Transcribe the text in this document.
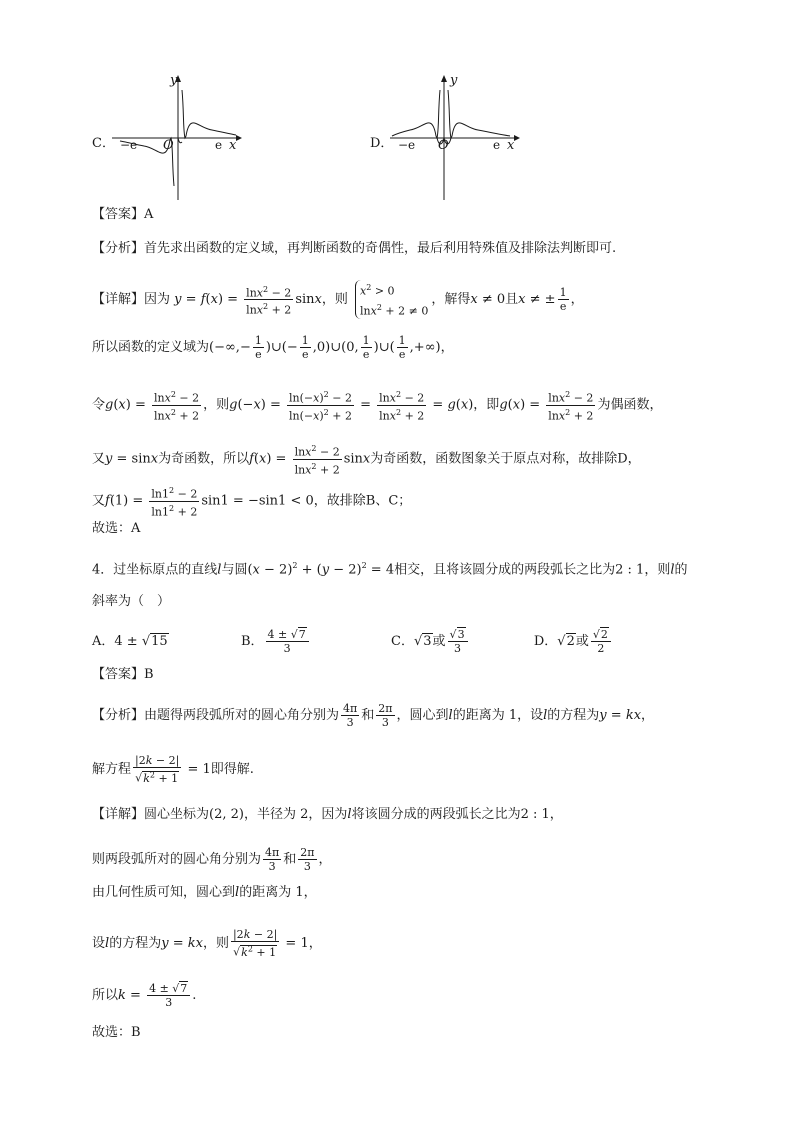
C． −e O	e x
y
D． −e O	e x
y
【答案】A
【分析】首先求出函数的定义域，再判断函数的奇偶性，最后利用特殊值及排除法判断即可.
【详解】因为 $y = f(x) = \frac{\ln x^2 - 2}{\ln x^2 + 2}$ sinx，则
$x^2 > 0$
lnx$^2$ + 2 ≠ 0
，解得x ≠ 0且x ≠ ± $\frac{1}{e}$ ，
所以函数的定义域为(−∞,− $\frac{1}{e}$ )∪(− $\frac{1}{e}$ ,0)∪(0, $\frac{1}{e}$ )∪( $\frac{1}{e}$ ,+∞)，
令$g(x) = \frac{\ln x^2 - 2}{\ln x^2 + 2}$ ，则$g(-x) = \frac{\ln(-x)^2 - 2}{\ln(-x)^2 + 2} = \frac{\ln x^2 - 2}{\ln x^2 + 2} = g(x)$，即$g(x) = \frac{\ln x^2 - 2}{\ln x^2 + 2}$ 为偶函数，
又y = sinx为奇函数，所以$f(x) = \frac{\ln x^2 - 2}{\ln x^2 + 2}$ sinx为奇函数，函数图象关于原点对称，故排除D，
又$f(1) = \frac{\ln 1^2 - 2}{\ln 1^2 + 2} \sin 1 = -\sin 1 < 0$，故排除B、C；
故选：A
4．过坐标原点的直线l与圆$(x - 2)^2 + (y - 2)^2 = 4$相交，且将该圆分成的两段弧长之比为2 : 1，则l的
斜率为（　）
A．4 ± √15	B． $\frac{4 \pm √7}{3}$	C．√3或 $\frac{√3}{3}$	D．√2或 $\frac{√2}{2}$
【答案】B
【分析】由题得两段弧所对的圆心角分别为 $\frac{4\pi}{3}$ 和 $\frac{2\pi}{3}$ ，圆心到l的距离为 1，设l的方程为y = kx，
解方程 $\frac{|2k - 2|}{√k^2 + 1} = 1$即得解.
【详解】圆心坐标为(2, 2)，半径为 2，因为l将该圆分成的两段弧长之比为2 : 1，
则两段弧所对的圆心角分别为 $\frac{4\pi}{3}$ 和 $\frac{2\pi}{3}$ ，
由几何性质可知，圆心到l的距离为 1，
设l的方程为y = kx，则 $\frac{|2k - 2|}{√k^2 + 1} = 1$，
所以$k = \frac{4 \pm √7}{3}$ .
故选：B
